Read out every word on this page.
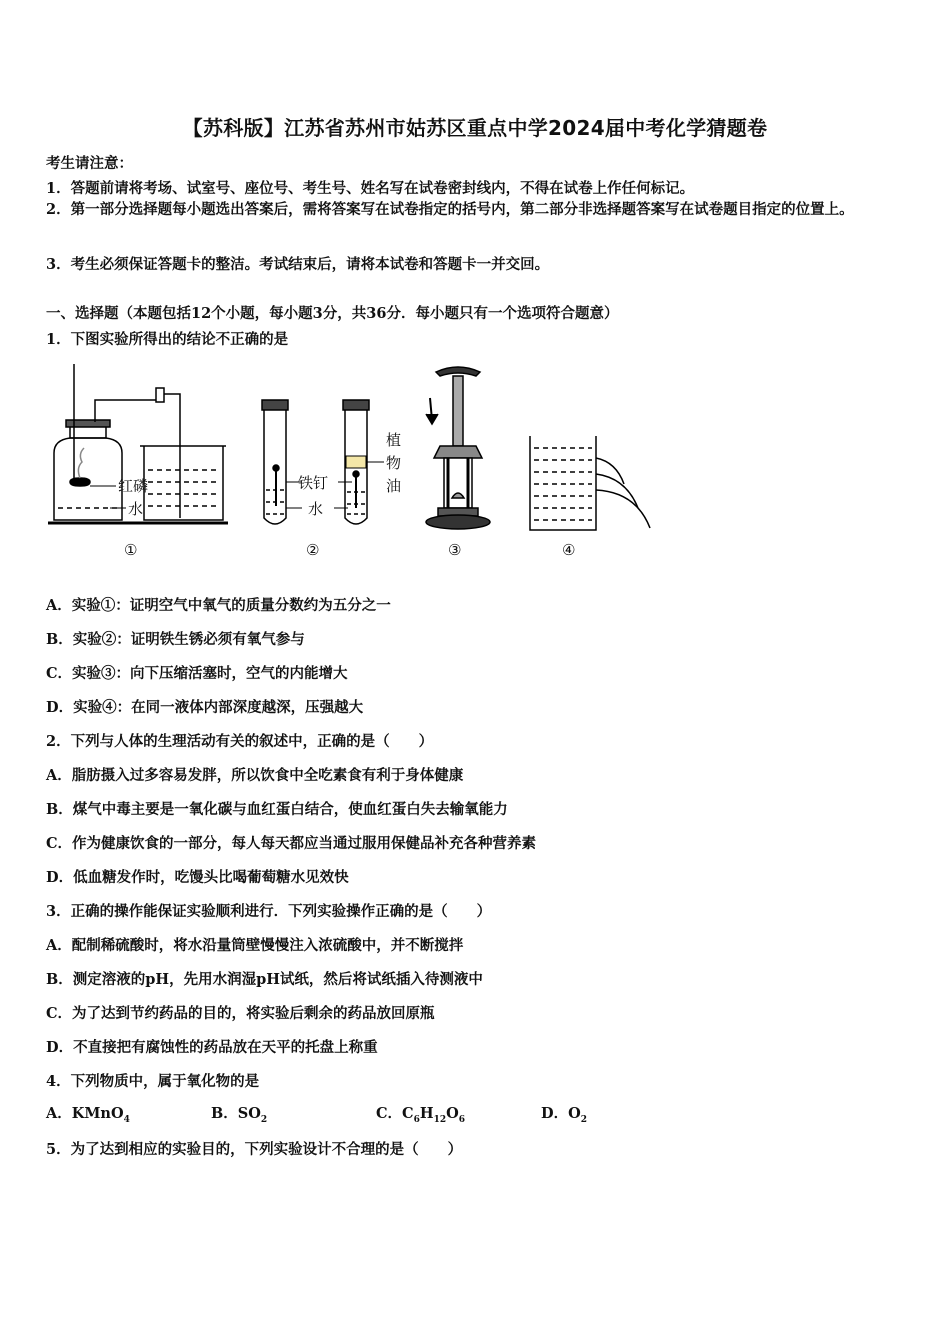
【苏科版】江苏省苏州市姑苏区重点中学2024届中考化学猜题卷
考生请注意：
1．答题前请将考场、试室号、座位号、考生号、姓名写在试卷密封线内，不得在试卷上作任何标记。
2．第一部分选择题每小题选出答案后，需将答案写在试卷指定的括号内，第二部分非选择题答案写在试卷题目指定的位置上。
3．考生必须保证答题卡的整洁。考试结束后，请将本试卷和答题卡一并交回。
一、选择题（本题包括12个小题，每小题3分，共36分．每小题只有一个选项符合题意）
1．下图实验所得出的结论不正确的是
红磷
水
铁钉
水
植
物
油
①	②	③	④
A．实验①：证明空气中氧气的质量分数约为五分之一
B．实验②：证明铁生锈必须有氧气参与
C．实验③：向下压缩活塞时，空气的内能增大
D．实验④：在同一液体内部深度越深，压强越大
2．下列与人体的生理活动有关的叙述中，正确的是（　　）
A．脂肪摄入过多容易发胖，所以饮食中全吃素食有利于身体健康
B．煤气中毒主要是一氧化碳与血红蛋白结合，使血红蛋白失去输氧能力
C．作为健康饮食的一部分，每人每天都应当通过服用保健品补充各种营养素
D．低血糖发作时，吃馒头比喝葡萄糖水见效快
3．正确的操作能保证实验顺利进行．下列实验操作正确的是（　　）
A．配制稀硫酸时，将水沿量筒壁慢慢注入浓硫酸中，并不断搅拌
B．测定溶液的pH，先用水润湿pH试纸，然后将试纸插入待测液中
C．为了达到节约药品的目的，将实验后剩余的药品放回原瓶
D．不直接把有腐蚀性的药品放在天平的托盘上称重
4．下列物质中，属于氧化物的是
A．KMnO$_4$	B．$SO_2$	C．$C_6H_{12}O_6$	D．$O_2$
5．为了达到相应的实验目的，下列实验设计不合理的是（　　）
